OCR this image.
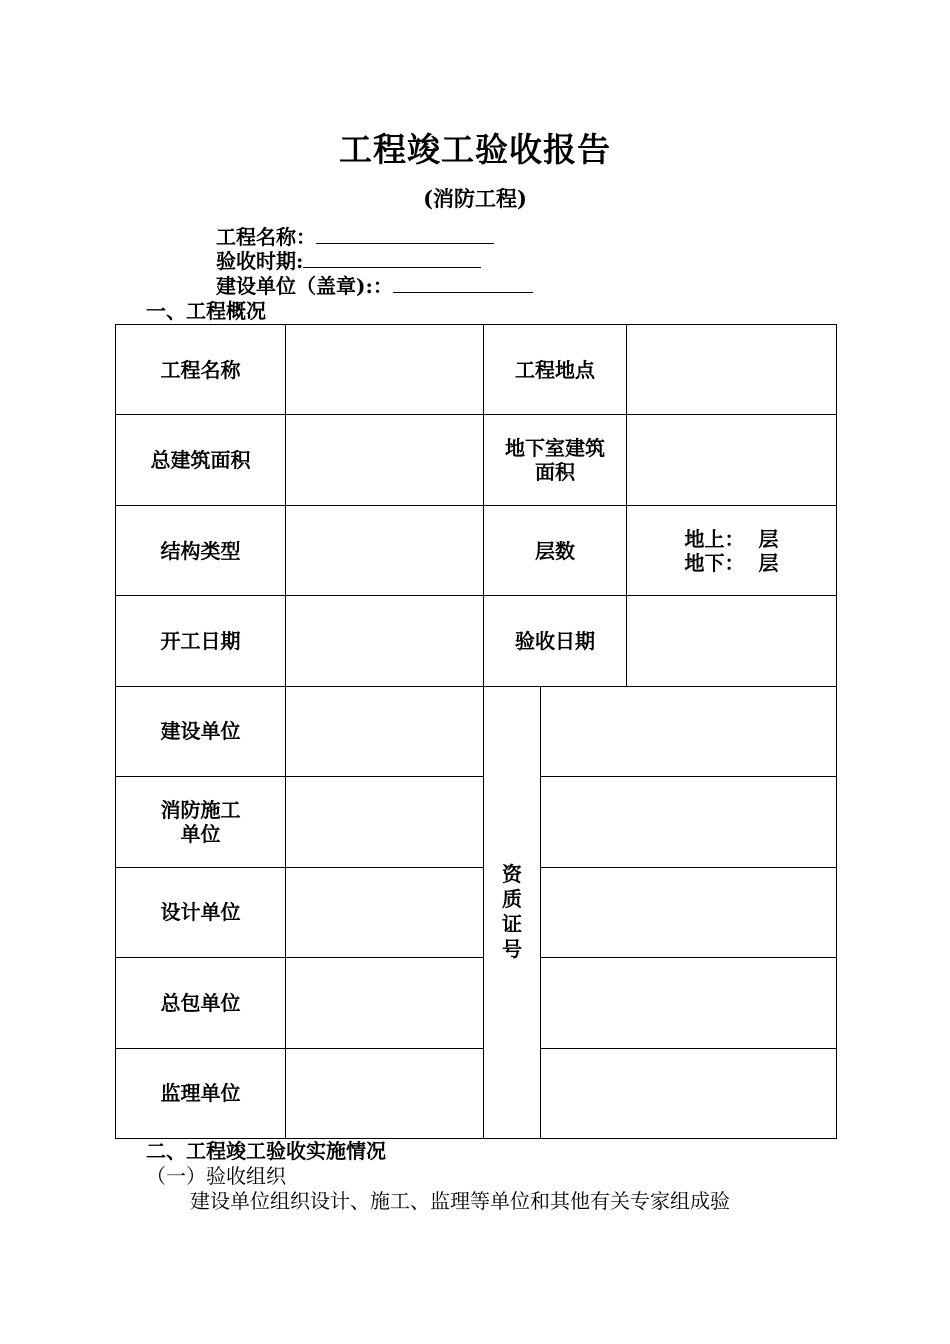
工程竣工验收报告
(消防工程)
工程名称：
验收时期:
建设单位（盖章):：
一、工程概况
工程名称		工程地点		
总建筑面积		地下室建筑面积		
结构类型		层数		地上：  层
地下：  层

开工日期		验收日期		
建设单位		资质证号		
消防施工单位				
设计单位				
总包单位				
监理单位				
二、工程竣工验收实施情况
（一）验收组织
建设单位组织设计、施工、监理等单位和其他有关专家组成验
